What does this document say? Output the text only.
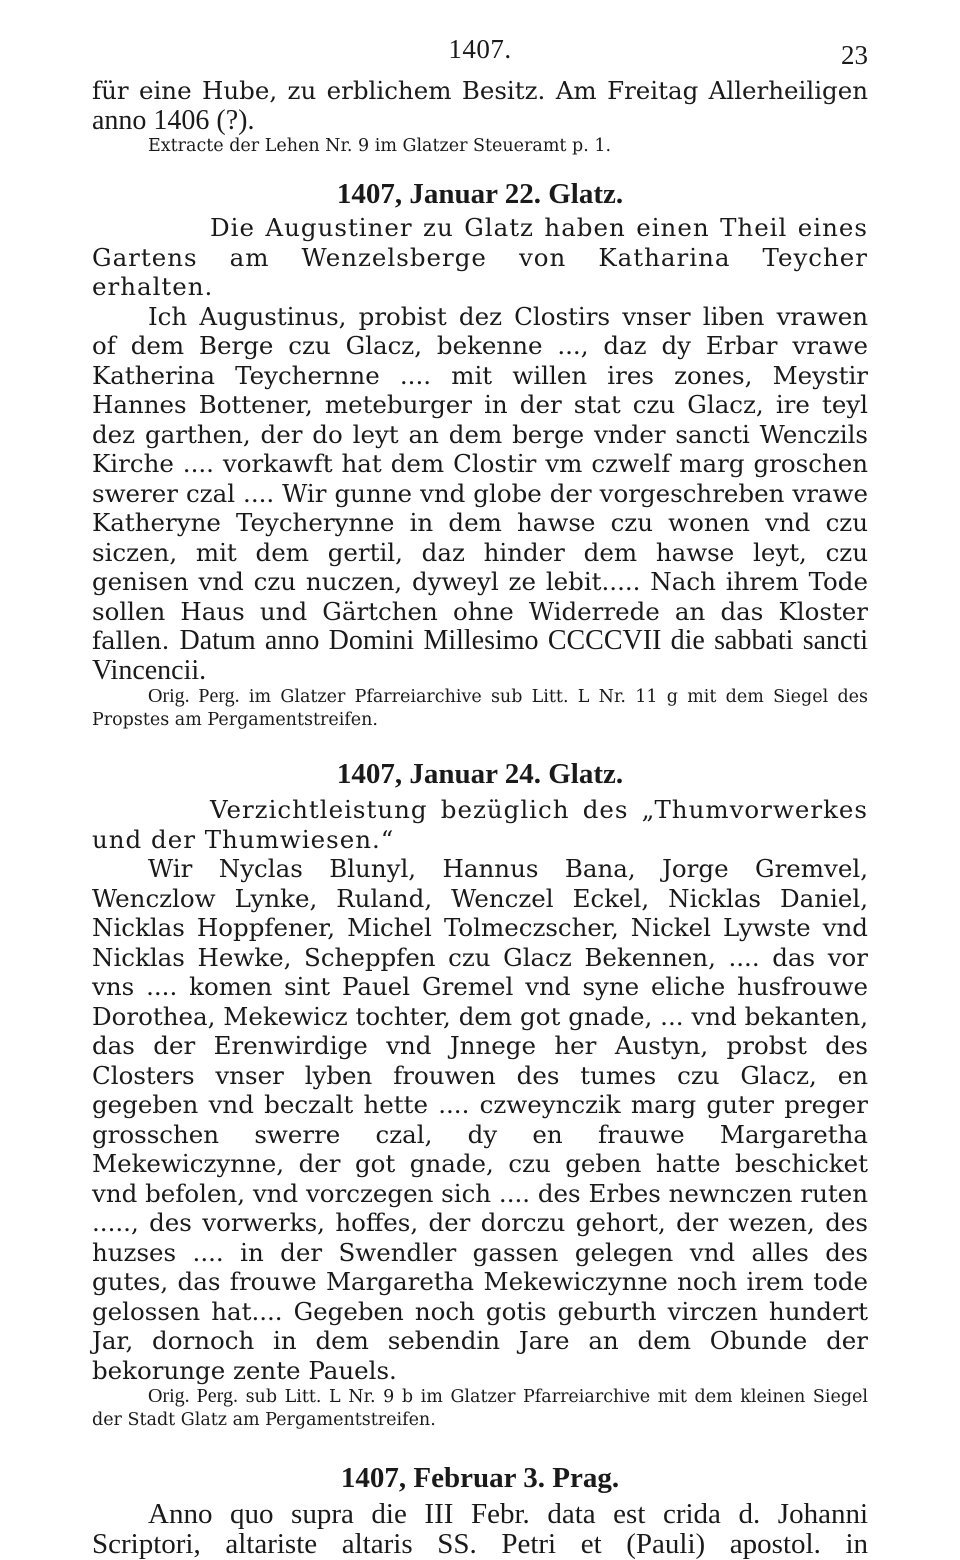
1407.	23

für eine Hube, zu erblichem Besitz. Am Freitag Allerheiligen anno 1406 (?).

Extracte der Lehen Nr. 9 im Glatzer Steueramt p. 1.

1407, Januar 22. Glatz.

Die Augustiner zu Glatz haben einen Theil eines Gartens am Wenzelsberge von Katharina Teycher erhalten.

Ich Augustinus, probist dez Clostirs vnser liben vrawen of dem Berge czu Glacz, bekenne ..., daz dy Erbar vrawe Katherina Teychernne .... mit willen ires zones, Meystir Hannes Bottener, meteburger in der stat czu Glacz, ire teyl dez garthen, der do leyt an dem berge vnder sancti Wenczils Kirche .... vorkawft hat dem Clostir vm czwelf marg groschen swerer czal .... Wir gunne vnd globe der vorgeschreben vrawe Katheryne Teycherynne in dem hawse czu wonen vnd czu siczen, mit dem gertil, daz hinder dem hawse leyt, czu genisen vnd czu nuczen, dyweyl ze lebit..... Nach ihrem Tode sollen Haus und Gärtchen ohne Widerrede an das Kloster fallen. Datum anno Domini Millesimo CCCCVII die sabbati sancti Vincencii.

Orig. Perg. im Glatzer Pfarreiarchive sub Litt. L Nr. 11 g mit dem Siegel des Propstes am Pergamentstreifen.

1407, Januar 24. Glatz.

Verzichtleistung bezüglich des „Thumvorwerkes und der Thumwiesen.“

Wir Nyclas Blunyl, Hannus Bana, Jorge Gremvel, Wenczlow Lynke, Ruland, Wenczel Eckel, Nicklas Daniel, Nicklas Hoppfener, Michel Tolmeczscher, Nickel Lywste vnd Nicklas Hewke, Scheppfen czu Glacz Bekennen, .... das vor vns .... komen sint Pauel Gremel vnd syne eliche husfrouwe Dorothea, Mekewicz tochter, dem got gnade, ... vnd bekanten, das der Erenwirdige vnd Jnnege her Austyn, probst des Closters vnser lyben frouwen des tumes czu Glacz, en gegeben vnd beczalt hette .... czweynczik marg guter preger grosschen swerre czal, dy en frauwe Margaretha Mekewiczynne, der got gnade, czu geben hatte beschicket vnd befolen, vnd vorczegen sich .... des Erbes newnczen ruten ....., des vorwerks, hoffes, der dorczu gehort, der wezen, des huzses .... in der Swendler gassen gelegen vnd alles des gutes, das frouwe Margaretha Mekewiczynne noch irem tode gelossen hat.... Gegeben noch gotis geburth virczen hundert Jar, dornoch in dem sebendin Jare an dem Obunde der bekorunge zente Pauels.

Orig. Perg. sub Litt. L Nr. 9 b im Glatzer Pfarreiarchive mit dem kleinen Siegel der Stadt Glatz am Pergamentstreifen.

1407, Februar 3. Prag.

Anno quo supra die III Febr. data est crida d. Johanni
Scriptori, altariste altaris SS. Petri et (Pauli) apostol. in
